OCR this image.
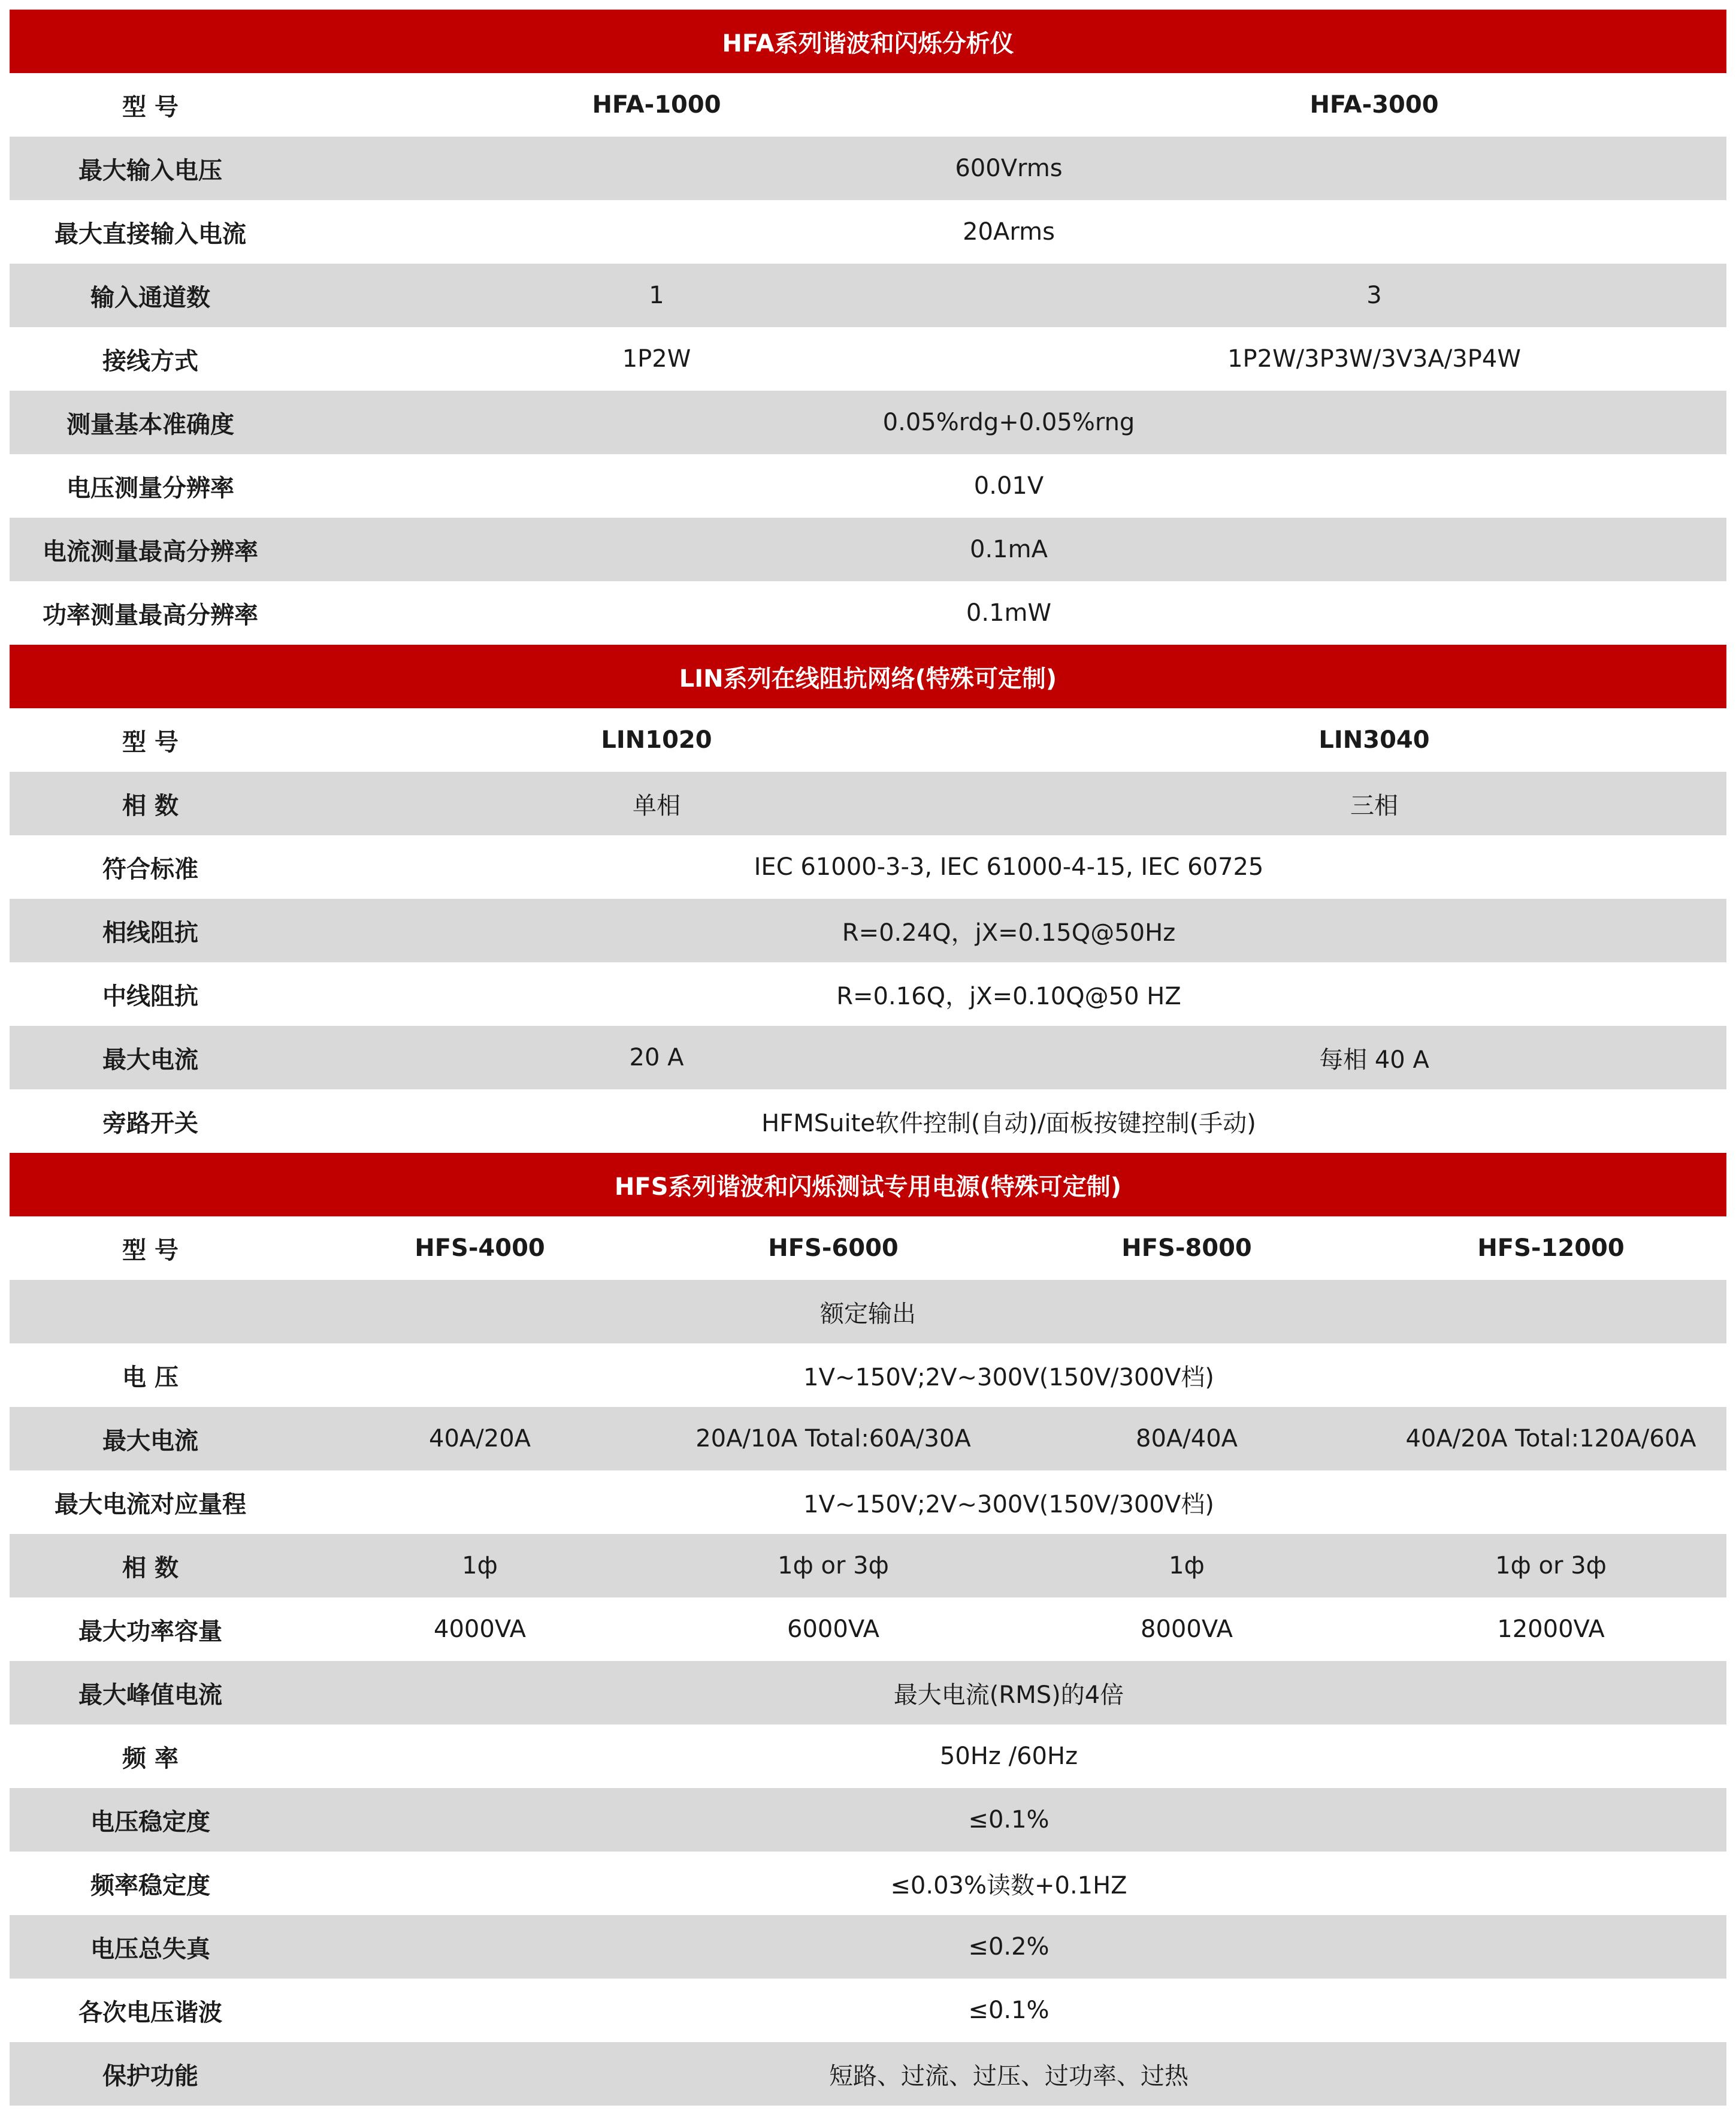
HFA系列谐波和闪烁分析仪
型 号	HFA-1000	HFA-3000
最大输入电压	600Vrms
最大直接输入电流	20Arms
输入通道数	1	3
接线方式	1P2W	1P2W/3P3W/3V3A/3P4W
测量基本准确度	0.05%rdg+0.05%rng
电压测量分辨率	0.01V
电流测量最高分辨率	0.1mA
功率测量最高分辨率	0.1mW
LIN系列在线阻抗网络(特殊可定制)
型 号	LIN1020	LIN3040
相 数	单相	三相
符合标准	IEC 61000-3-3, IEC 61000-4-15, IEC 60725
相线阻抗	R=0.24Q，jX=0.15Q@50Hz
中线阻抗	R=0.16Q，jX=0.10Q@50 HZ
最大电流	20 A	每相 40 A
旁路开关	HFMSuite软件控制(自动)/面板按键控制(手动)
HFS系列谐波和闪烁测试专用电源(特殊可定制)
型 号	HFS-4000	HFS-6000	HFS-8000	HFS-12000
额定输出
电 压	1V~150V;2V~300V(150V/300V档)
最大电流	40A/20A	20A/10A Total:60A/30A	80A/40A	40A/20A Total:120A/60A
最大电流对应量程	1V~150V;2V~300V(150V/300V档)
相 数	1ф	1ф or 3ф	1ф	1ф or 3ф
最大功率容量	4000VA	6000VA	8000VA	12000VA
最大峰值电流	最大电流(RMS)的4倍
频 率	50Hz /60Hz
电压稳定度	≤0.1%
频率稳定度	≤0.03%读数+0.1HZ
电压总失真	≤0.2%
各次电压谐波	≤0.1%
保护功能	短路、过流、过压、过功率、过热
